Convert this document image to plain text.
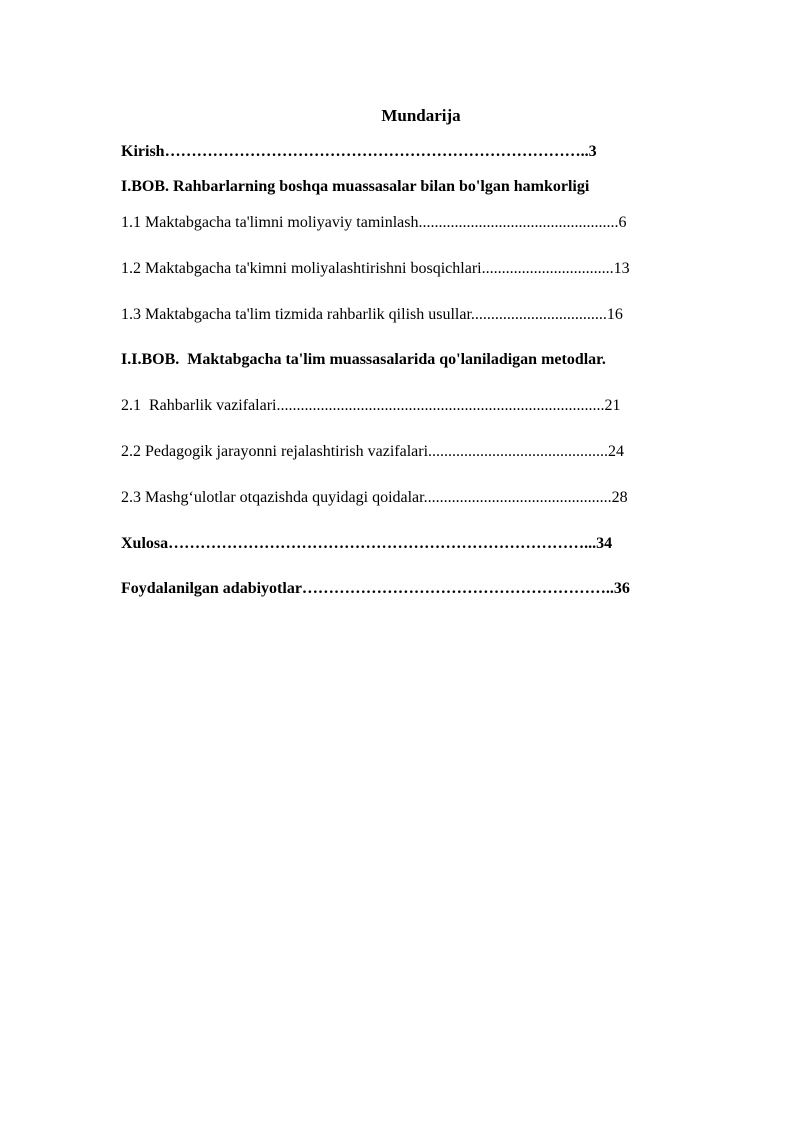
Mundarija
Kirish……………………………………………………………………..3
I.BOB. Rahbarlarning boshqa muassasalar bilan bo'lgan hamkorligi
1.1 Maktabgacha ta'limni moliyaviy taminlash..................................................6
1.2 Maktabgacha ta'kimni moliyalashtirishni bosqichlari.................................13
1.3 Maktabgacha ta'lim tizmida rahbarlik qilish usullar..................................16
I.I.BOB.  Maktabgacha ta'lim muassasalarida qo'laniladigan metodlar.
2.1  Rahbarlik vazifalari..................................................................................21
2.2 Pedagogik jarayonni rejalashtirish vazifalari.............................................24
2.3 Mashg‘ulotlar otqazishda quyidagi qoidalar...............................................28
Xulosa……………………………………………………………………...34
Foydalanilgan adabiyotlar…………………………………………………..36
